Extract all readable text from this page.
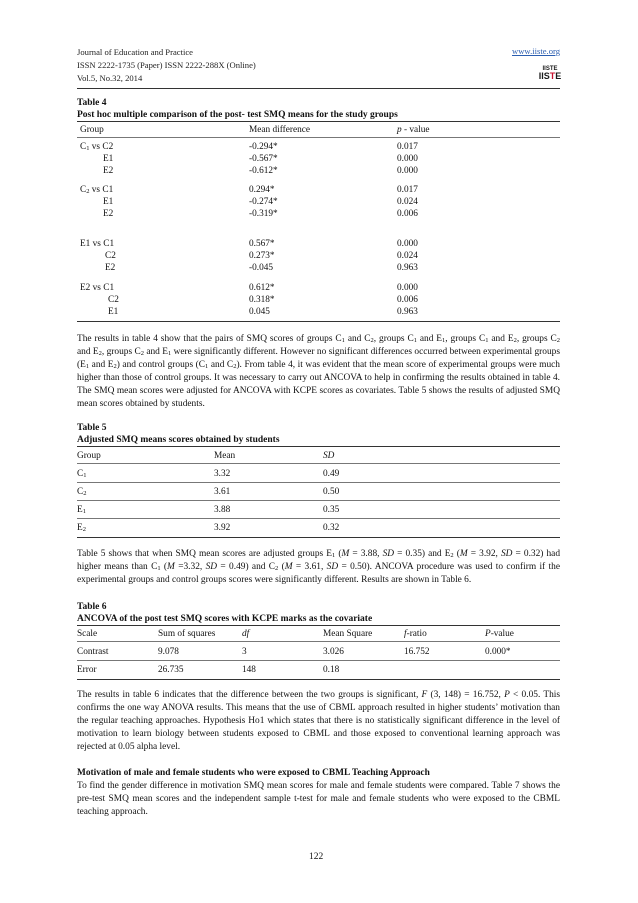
Journal of Education and Practice
ISSN 2222-1735 (Paper) ISSN 2222-288X (Online)
Vol.5, No.32, 2014
www.iiste.org
IISTE
IISTE
Table 4
Post hoc multiple comparison of the post- test SMQ means for the study groups
Group	Mean difference	p - value
$C_1$ vs C2	-0.294*	0.017
E1	-0.567*	0.000
E2	-0.612*	0.000
$C_2$ vs C1	0.294*	0.017
E1	-0.274*	0.024
E2	-0.319*	0.006
E1 vs C1	0.567*	0.000
C2	0.273*	0.024
E2	-0.045	0.963
E2 vs C1	0.612*	0.000
C2	0.318*	0.006
E1	0.045	0.963

The results in table 4 show that the pairs of SMQ scores of groups $C_1$ and $C_2$, groups $C_1$ and $E_1$, groups $C_1$ and $E_2$, groups $C_2$ and $E_2$, groups $C_2$ and $E_1$ were significantly different. However no significant differences occurred between experimental groups ($E_1$ and $E_2$) and control groups ($C_1$ and $C_2$). From table 4, it was evident that the mean score of experimental groups were much higher than those of control groups. It was necessary to carry out ANCOVA to help in confirming the results obtained in table 4. The SMQ mean scores were adjusted for ANCOVA with KCPE scores as covariates. Table 5 shows the results of adjusted SMQ mean scores obtained by students.

Table 5
Adjusted SMQ means scores obtained by students
Group	Mean	SD
$C_1$	3.32	0.49
$C_2$	3.61	0.50
$E_1$	3.88	0.35
$E_2$	3.92	0.32

Table 5 shows that when SMQ mean scores are adjusted groups $E_1$ (M = 3.88, SD = 0.35) and $E_2$ (M = 3.92, SD = 0.32) had higher means than $C_1$ (M =3.32, SD = 0.49) and $C_2$ (M = 3.61, SD = 0.50). ANCOVA procedure was used to confirm if the experimental groups and control groups scores were significantly different. Results are shown in Table 6.

Table 6
ANCOVA of the post test SMQ scores with KCPE marks as the covariate
Scale	Sum of squares	df	Mean Square	f-ratio	P-value
Contrast	9.078	3	3.026	16.752	0.000*
Error	26.735	148	0.18

The results in table 6 indicates that the difference between the two groups is significant, F (3, 148) = 16.752, P < 0.05. This confirms the one way ANOVA results. This means that the use of CBML approach resulted in higher students’ motivation than the regular teaching approaches. Hypothesis Ho1 which states that there is no statistically significant difference in the level of motivation to learn biology between students exposed to CBML and those exposed to conventional learning approach was rejected at 0.05 alpha level.

Motivation of male and female students who were exposed to CBML Teaching Approach
To find the gender difference in motivation SMQ mean scores for male and female students were compared. Table 7 shows the pre-test SMQ mean scores and the independent sample t-test for male and female students who were exposed to the CBML teaching approach.
122
